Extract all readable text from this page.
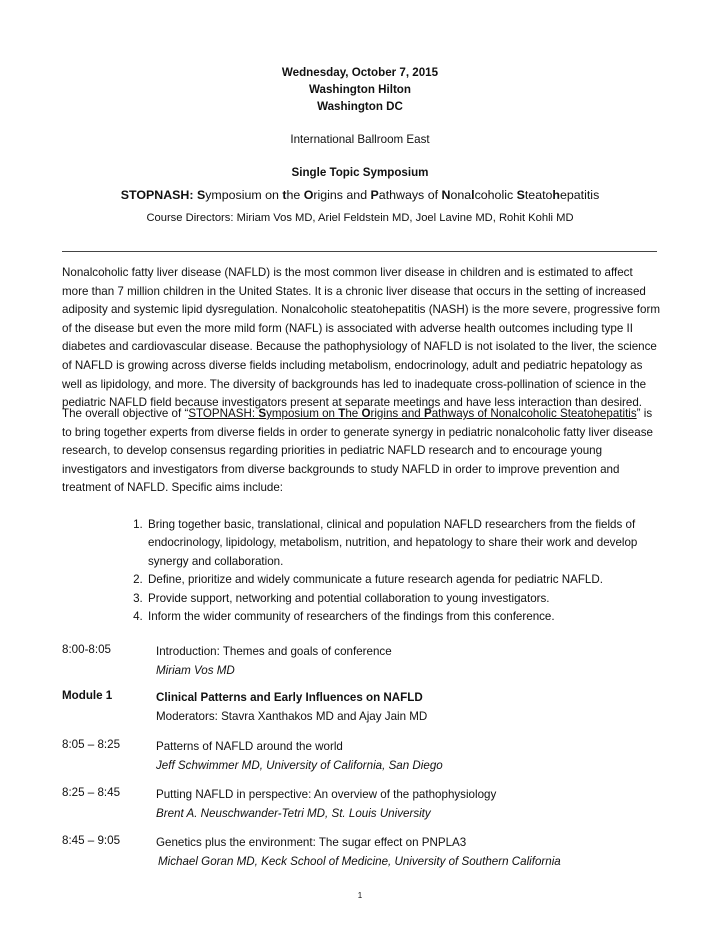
Wednesday, October 7, 2015
Washington Hilton
Washington DC
International Ballroom East
Single Topic Symposium
STOPNASH: Symposium on the Origins and Pathways of Nonalcoholic Steatohepatitis
Course Directors: Miriam Vos MD, Ariel Feldstein MD, Joel Lavine MD, Rohit Kohli MD

Nonalcoholic fatty liver disease (NAFLD) is the most common liver disease in children and is estimated to affect more than 7 million children in the United States. It is a chronic liver disease that occurs in the setting of increased adiposity and systemic lipid dysregulation. Nonalcoholic steatohepatitis (NASH) is the more severe, progressive form of the disease but even the more mild form (NAFL) is associated with adverse health outcomes including type II diabetes and cardiovascular disease. Because the pathophysiology of NAFLD is not isolated to the liver, the science of NAFLD is growing across diverse fields including metabolism, endocrinology, adult and pediatric hepatology as well as lipidology, and more. The diversity of backgrounds has led to inadequate cross-pollination of science in the pediatric NAFLD field because investigators present at separate meetings and have less interaction than desired.

The overall objective of “STOPNASH: Symposium on The Origins and Pathways of Nonalcoholic Steatohepatitis” is to bring together experts from diverse fields in order to generate synergy in pediatric nonalcoholic fatty liver disease research, to develop consensus regarding priorities in pediatric NAFLD research and to encourage young investigators and investigators from diverse backgrounds to study NAFLD in order to improve prevention and treatment of NAFLD. Specific aims include:

1. Bring together basic, translational, clinical and population NAFLD researchers from the fields of endocrinology, lipidology, metabolism, nutrition, and hepatology to share their work and develop synergy and collaboration.
2. Define, prioritize and widely communicate a future research agenda for pediatric NAFLD.
3. Provide support, networking and potential collaboration to young investigators.
4. Inform the wider community of researchers of the findings from this conference.
8:00-8:05	Introduction: Themes and goals of conference
Miriam Vos MD
Module 1	Clinical Patterns and Early Influences on NAFLD
Moderators: Stavra Xanthakos MD and Ajay Jain MD
8:05 – 8:25	Patterns of NAFLD around the world
Jeff Schwimmer MD, University of California, San Diego
8:25 – 8:45	Putting NAFLD in perspective: An overview of the pathophysiology
Brent A. Neuschwander-Tetri MD, St. Louis University
8:45 – 9:05	Genetics plus the environment: The sugar effect on PNPLA3
Michael Goran MD, Keck School of Medicine, University of Southern California
1
